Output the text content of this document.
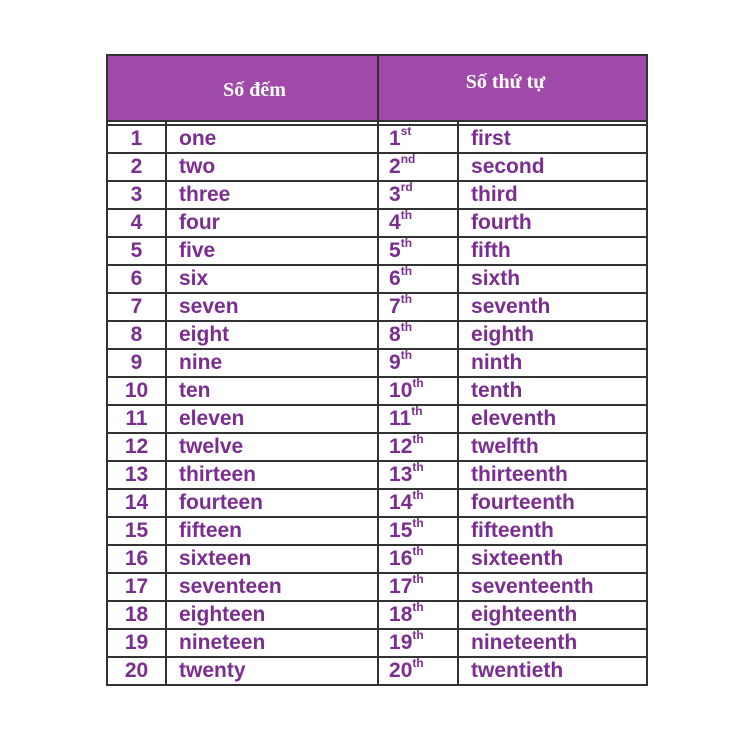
Số đếm		Số thứ tự	

1	one	1st	first
2	two	2nd	second
3	three	3rd	third
4	four	4th	fourth
5	five	5th	fifth
6	six	6th	sixth
7	seven	7th	seventh
8	eight	8th	eighth
9	nine	9th	ninth
10	ten	10th	tenth
11	eleven	11th	eleventh
12	twelve	12th	twelfth
13	thirteen	13th	thirteenth
14	fourteen	14th	fourteenth
15	fifteen	15th	fifteenth
16	sixteen	16th	sixteenth
17	seventeen	17th	seventeenth
18	eighteen	18th	eighteenth
19	nineteen	19th	nineteenth
20	twenty	20th	twentieth
